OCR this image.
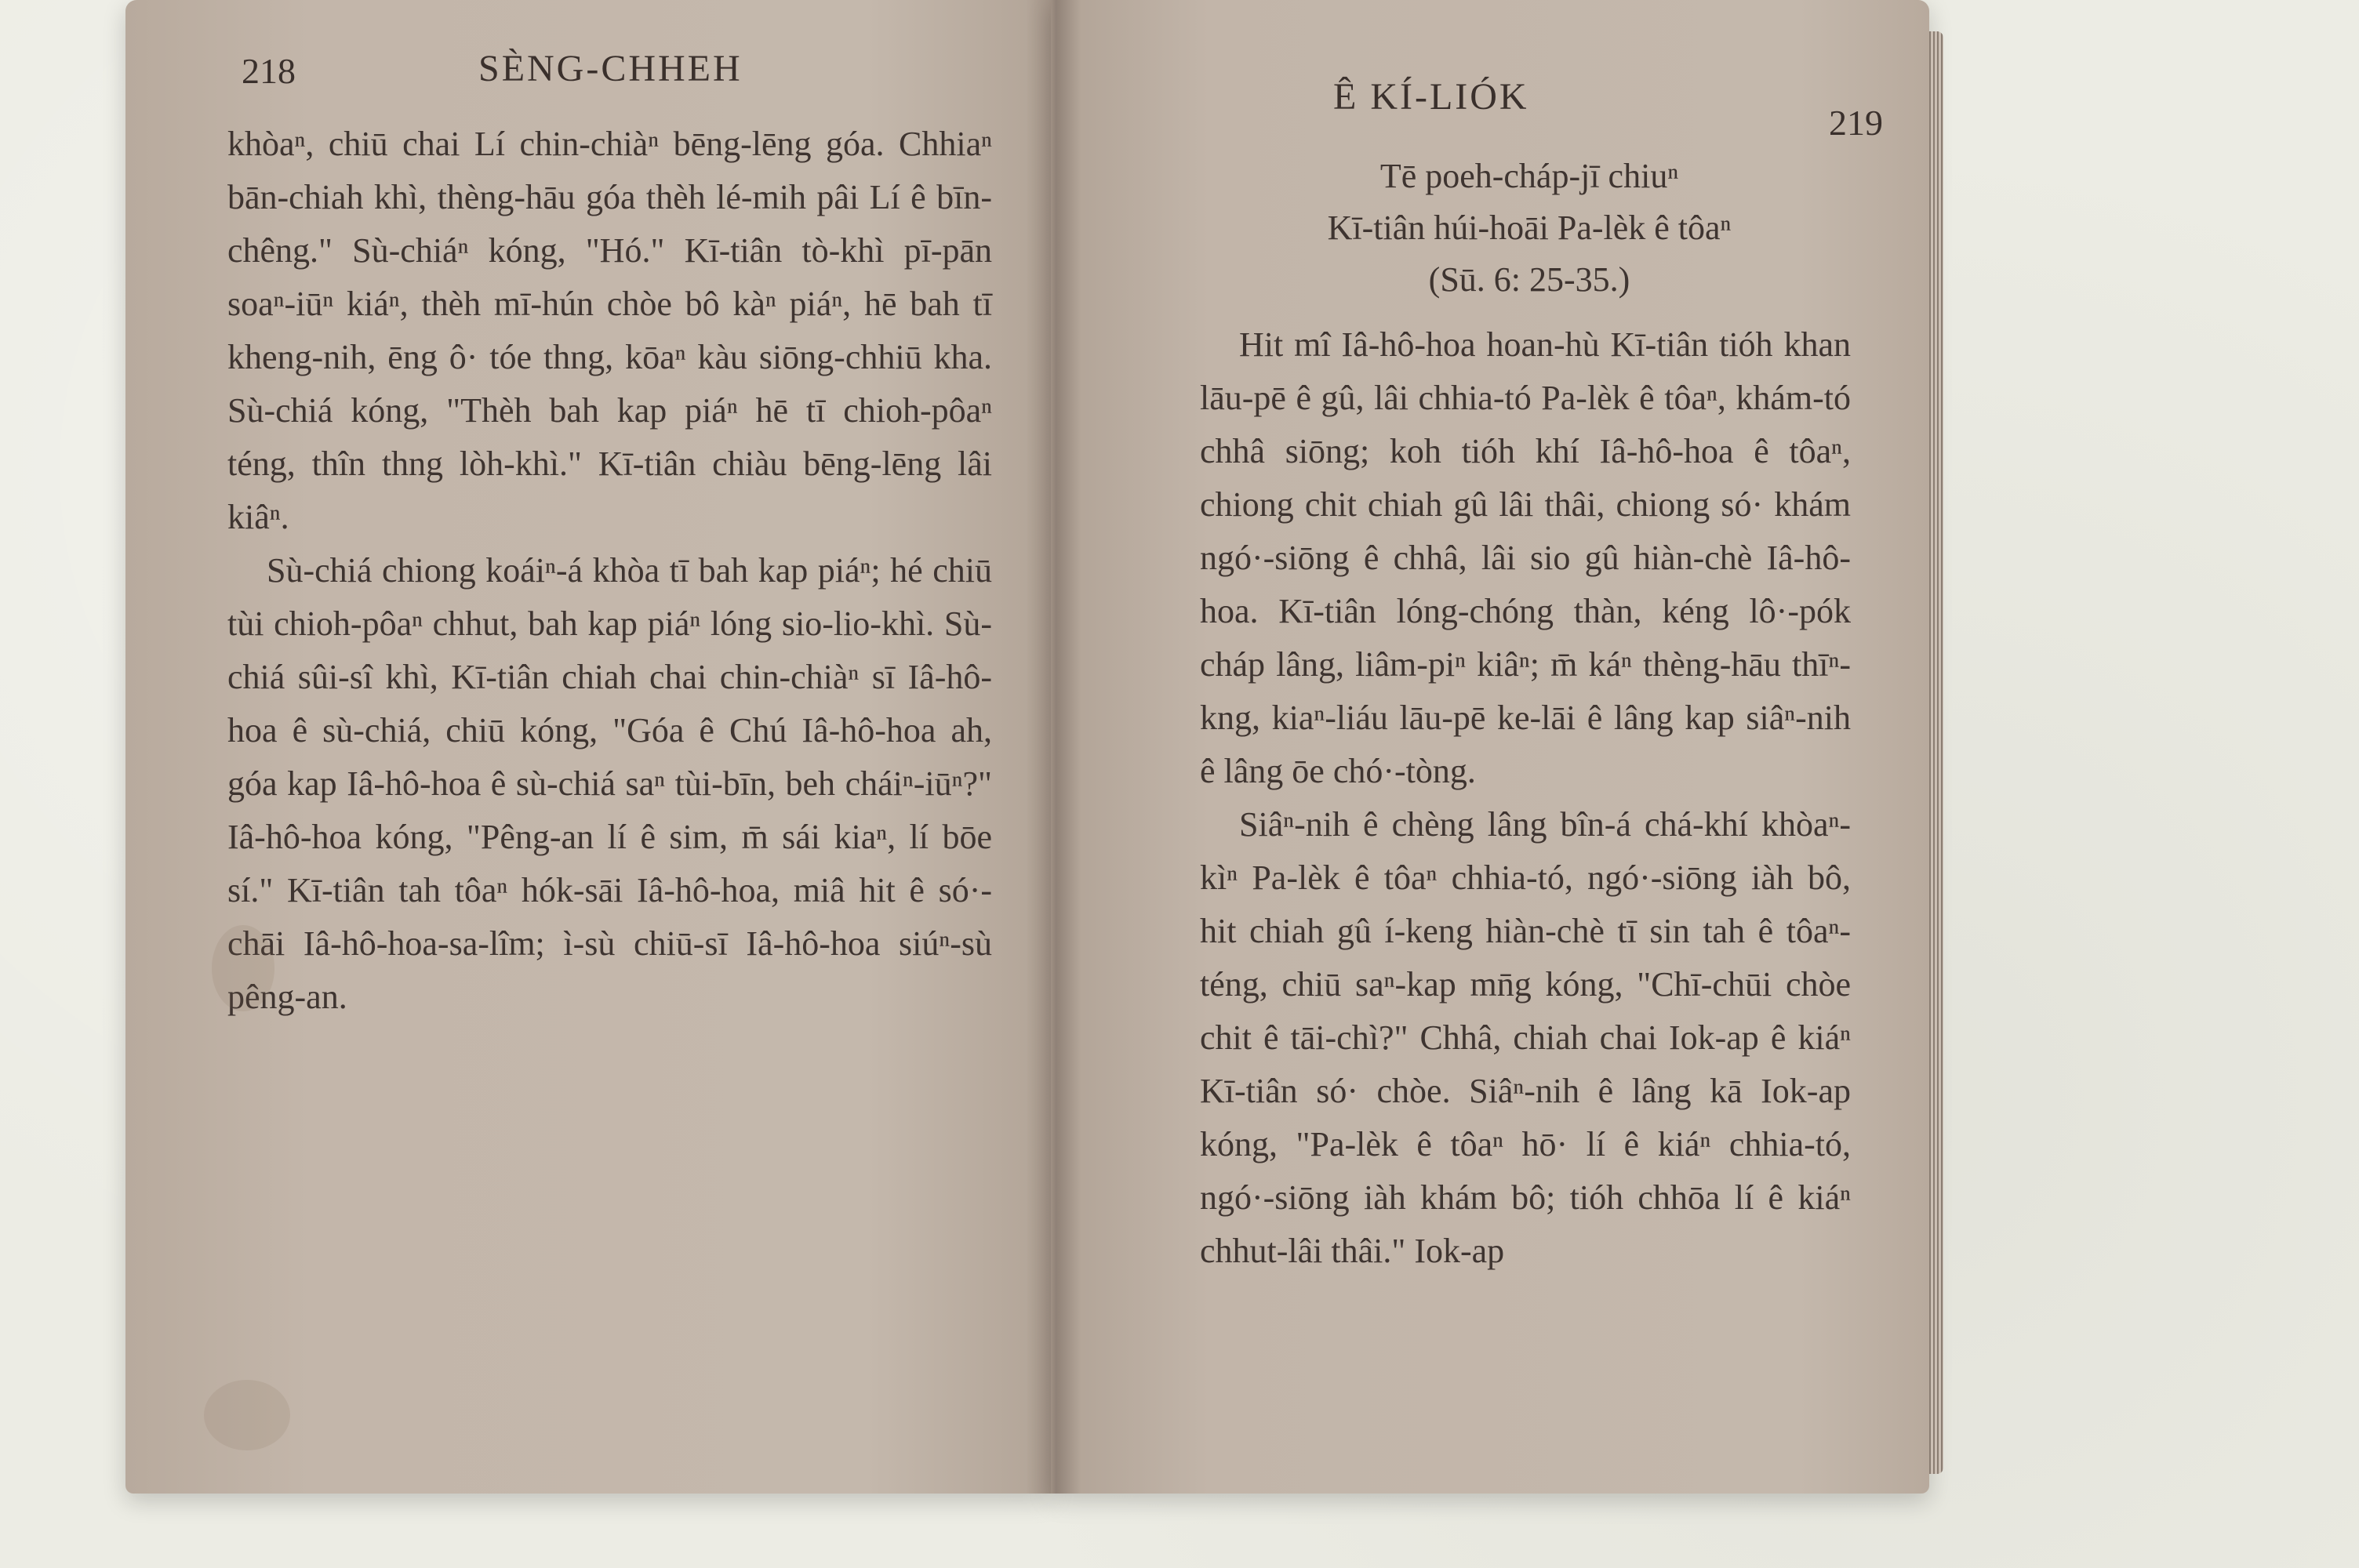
218	SÈNG-CHHEH

khòaⁿ, chiū chai Lí chin-chiàⁿ bēng-lēng góa. Chhiaⁿ bān-chiah khì, thèng-hāu góa thèh lé-mih pâi Lí ê bīn-chêng." Sù-chiáⁿ kóng, "Hó." Kī-tiân tò-khì pī-pān soaⁿ-iūⁿ kiáⁿ, thèh mī-hún chòe bô kàⁿ piáⁿ, hē bah tī kheng-nih, ēng ô· tóe thng, kōaⁿ kàu siōng-chhiū kha. Sù-chiá kóng, "Thèh bah kap piáⁿ hē tī chioh-pôaⁿ téng, thîn thng lòh-khì." Kī-tiân chiàu bēng-lēng lâi kiâⁿ.

Sù-chiá chiong koáiⁿ-á khòa tī bah kap piáⁿ; hé chiū tùi chioh-pôaⁿ chhut, bah kap piáⁿ lóng sio-lio-khì. Sù-chiá sûi-sî khì, Kī-tiân chiah chai chin-chiàⁿ sī Iâ-hô-hoa ê sù-chiá, chiū kóng, "Góa ê Chú Iâ-hô-hoa ah, góa kap Iâ-hô-hoa ê sù-chiá saⁿ tùi-bīn, beh cháiⁿ-iūⁿ?" Iâ-hô-hoa kóng, "Pêng-an lí ê sim, m̄ sái kiaⁿ, lí bōe sí." Kī-tiân tah tôaⁿ hók-sāi Iâ-hô-hoa, miâ hit ê só·-chāi Iâ-hô-hoa-sa-lîm; ì-sù chiū-sī Iâ-hô-hoa siúⁿ-sù pêng-an.

Ê KÍ-LIÓK
219

Tē poeh-cháp-jī chiuⁿ

Kī-tiân húi-hoāi Pa-lèk ê tôaⁿ

(Sū. 6: 25-35.)

Hit mî Iâ-hô-hoa hoan-hù Kī-tiân tióh khan lāu-pē ê gû, lâi chhia-tó Pa-lèk ê tôaⁿ, khám-tó chhâ siōng; koh tióh khí Iâ-hô-hoa ê tôaⁿ, chiong chit chiah gû lâi thâi, chiong só· khám ngó·-siōng ê chhâ, lâi sio gû hiàn-chè Iâ-hô-hoa. Kī-tiân lóng-chóng thàn, kéng lô·-pók cháp lâng, liâm-piⁿ kiâⁿ; m̄ káⁿ thèng-hāu thīⁿ-kng, kiaⁿ-liáu lāu-pē ke-lāi ê lâng kap siâⁿ-nih ê lâng ōe chó·-tòng.

Siâⁿ-nih ê chèng lâng bîn-á chá-khí khòaⁿ-kìⁿ Pa-lèk ê tôaⁿ chhia-tó, ngó·-siōng iàh bô, hit chiah gû í-keng hiàn-chè tī sin tah ê tôaⁿ-téng, chiū saⁿ-kap mn̄g kóng, "Chī-chūi chòe chit ê tāi-chì?" Chhâ, chiah chai Iok-ap ê kiáⁿ Kī-tiân só· chòe. Siâⁿ-nih ê lâng kā Iok-ap kóng, "Pa-lèk ê tôaⁿ hō· lí ê kiáⁿ chhia-tó, ngó·-siōng iàh khám bô; tióh chhōa lí ê kiáⁿ chhut-lâi thâi." Iok-ap
